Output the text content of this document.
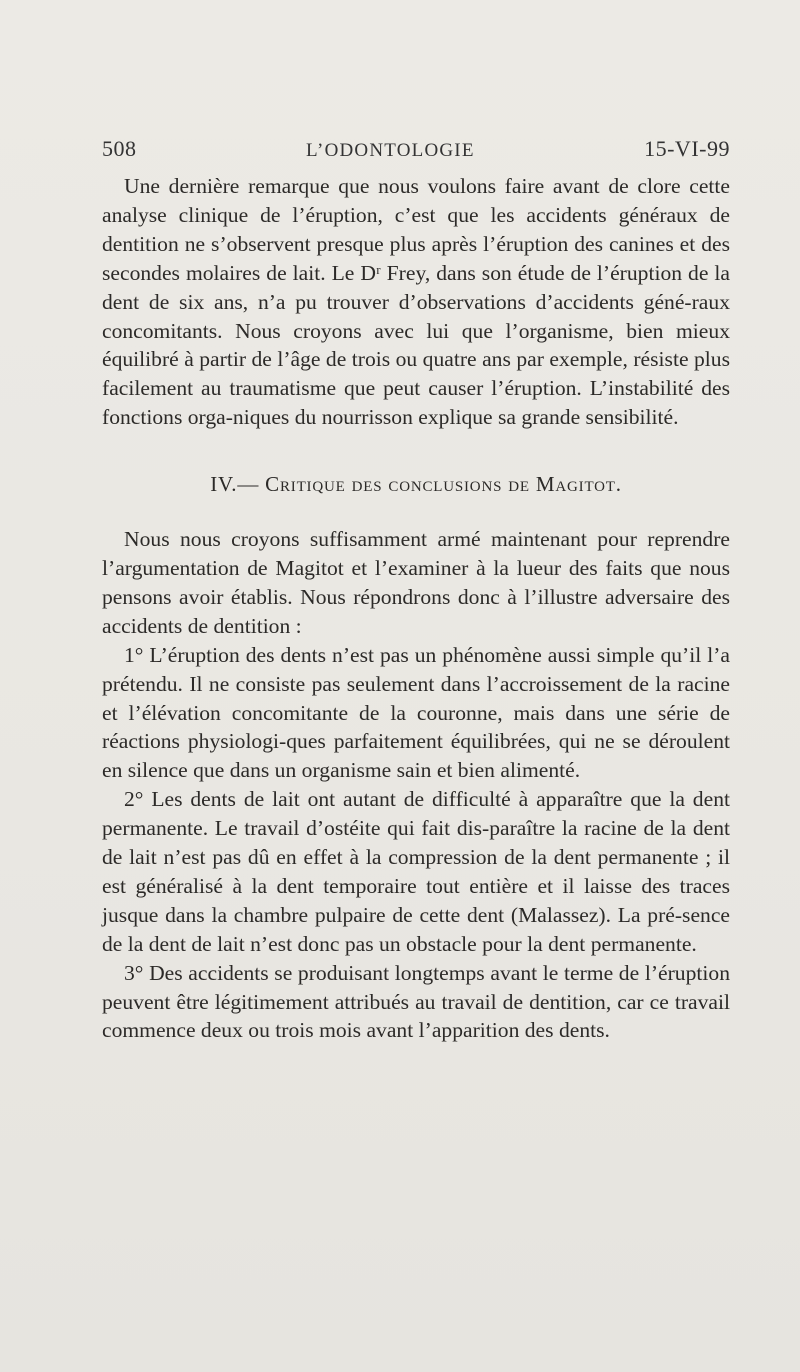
508	L’ODONTOLOGIE	15-VI-99

Une dernière remarque que nous voulons faire avant de clore cette analyse clinique de l’éruption, c’est que les accidents généraux de dentition ne s’observent presque plus après l’éruption des canines et des secondes molaires de lait. Le Dʳ Frey, dans son étude de l’éruption de la dent de six ans, n’a pu trouver d’observations d’accidents géné-raux concomitants. Nous croyons avec lui que l’organisme, bien mieux équilibré à partir de l’âge de trois ou quatre ans par exemple, résiste plus facilement au traumatisme que peut causer l’éruption. L’instabilité des fonctions orga-niques du nourrisson explique sa grande sensibilité.

IV.— Critique des conclusions de Magitot.

Nous nous croyons suffisamment armé maintenant pour reprendre l’argumentation de Magitot et l’examiner à la lueur des faits que nous pensons avoir établis. Nous répondrons donc à l’illustre adversaire des accidents de dentition :

1° L’éruption des dents n’est pas un phénomène aussi simple qu’il l’a prétendu. Il ne consiste pas seulement dans l’accroissement de la racine et l’élévation concomitante de la couronne, mais dans une série de réactions physiologi-ques parfaitement équilibrées, qui ne se déroulent en silence que dans un organisme sain et bien alimenté.

2° Les dents de lait ont autant de difficulté à apparaître que la dent permanente. Le travail d’ostéite qui fait dis-paraître la racine de la dent de lait n’est pas dû en effet à la compression de la dent permanente ; il est généralisé à la dent temporaire tout entière et il laisse des traces jusque dans la chambre pulpaire de cette dent (Malassez). La pré-sence de la dent de lait n’est donc pas un obstacle pour la dent permanente.

3° Des accidents se produisant longtemps avant le terme de l’éruption peuvent être légitimement attribués au travail de dentition, car ce travail commence deux ou trois mois avant l’apparition des dents.
